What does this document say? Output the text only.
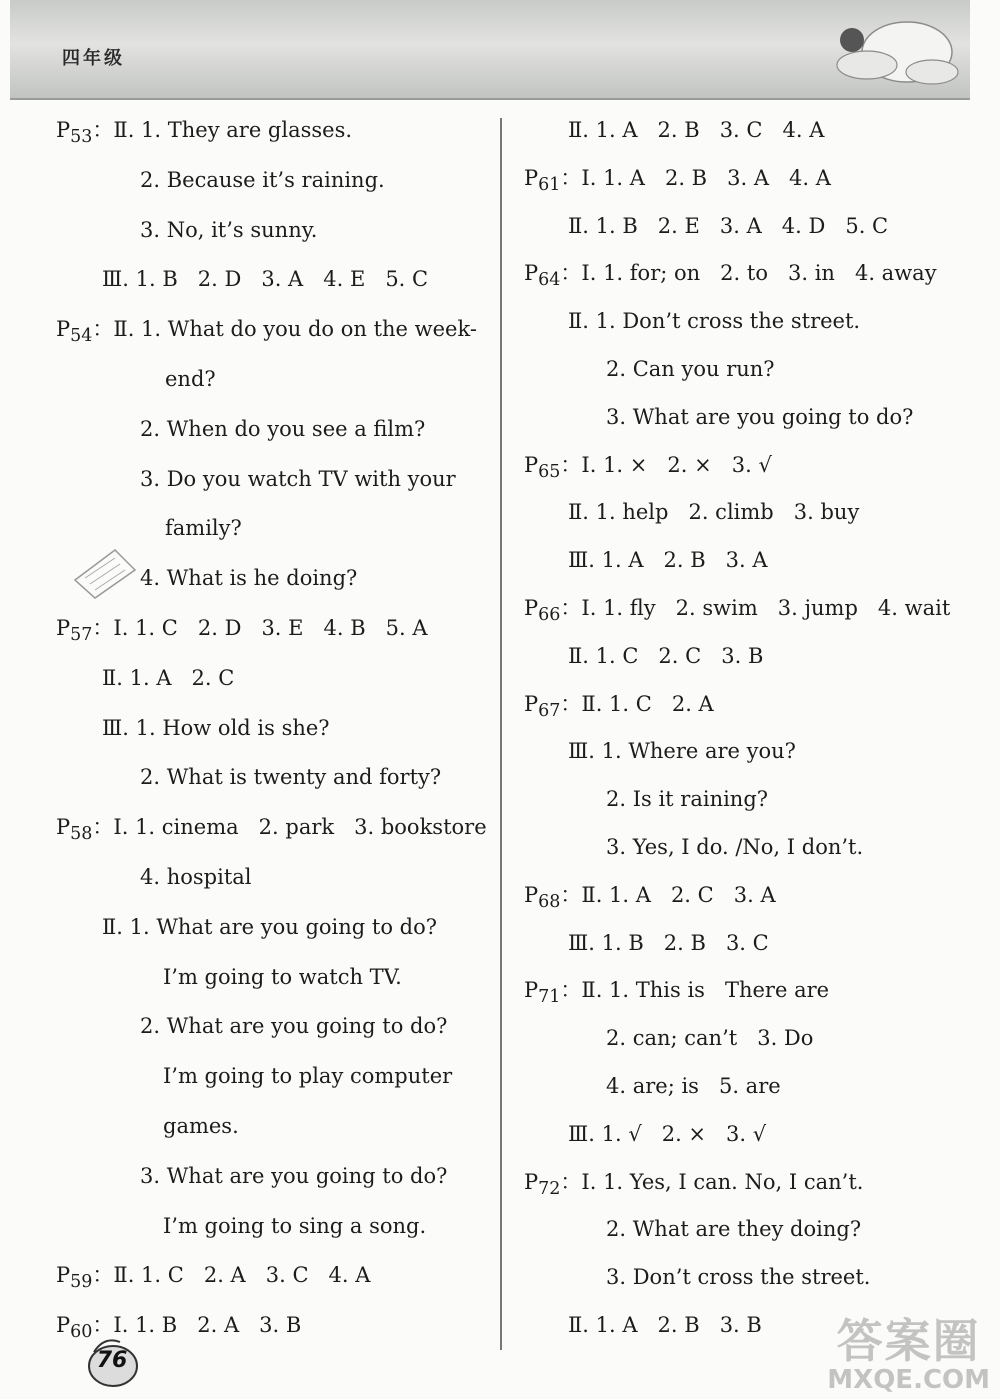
四年级
$P_{53}$：Ⅱ. 1. They are glasses.
2. Because it’s raining.
3. No, it’s sunny.
Ⅲ. 1. B   2. D   3. A   4. E   5. C
$P_{54}$：Ⅱ. 1. What do you do on the week-
end?
2. When do you see a film?
3. Do you watch TV with your
family?
4. What is he doing?
$P_{57}$：Ⅰ. 1. C   2. D   3. E   4. B   5. A
Ⅱ. 1. A   2. C
Ⅲ. 1. How old is she?
2. What is twenty and forty?
$P_{58}$：Ⅰ. 1. cinema   2. park   3. bookstore
4. hospital
Ⅱ. 1. What are you going to do?
I’m going to watch TV.
2. What are you going to do?
I’m going to play computer
games.
3. What are you going to do?
I’m going to sing a song.
$P_{59}$：Ⅱ. 1. C   2. A   3. C   4. A
$P_{60}$：Ⅰ. 1. B   2. A   3. B
Ⅱ. 1. A   2. B   3. C   4. A
$P_{61}$：Ⅰ. 1. A   2. B   3. A   4. A
Ⅱ. 1. B   2. E   3. A   4. D   5. C
$P_{64}$：Ⅰ. 1. for; on   2. to   3. in   4. away
Ⅱ. 1. Don’t cross the street.
2. Can you run?
3. What are you going to do?
$P_{65}$：Ⅰ. 1. ×   2. ×   3. √
Ⅱ. 1. help   2. climb   3. buy
Ⅲ. 1. A   2. B   3. A
$P_{66}$：Ⅰ. 1. fly   2. swim   3. jump   4. wait
Ⅱ. 1. C   2. C   3. B
$P_{67}$：Ⅱ. 1. C   2. A
Ⅲ. 1. Where are you?
2. Is it raining?
3. Yes, I do. /No, I don’t.
$P_{68}$：Ⅱ. 1. A   2. C   3. A
Ⅲ. 1. B   2. B   3. C
$P_{71}$：Ⅱ. 1. This is   There are
2. can; can’t   3. Do
4. are; is   5. are
Ⅲ. 1. √   2. ×   3. √
$P_{72}$：Ⅰ. 1. Yes, I can. No, I can’t.
2. What are they doing?
3. Don’t cross the street.
Ⅱ. 1. A   2. B   3. B
76	答案圈
MXQE.COM
